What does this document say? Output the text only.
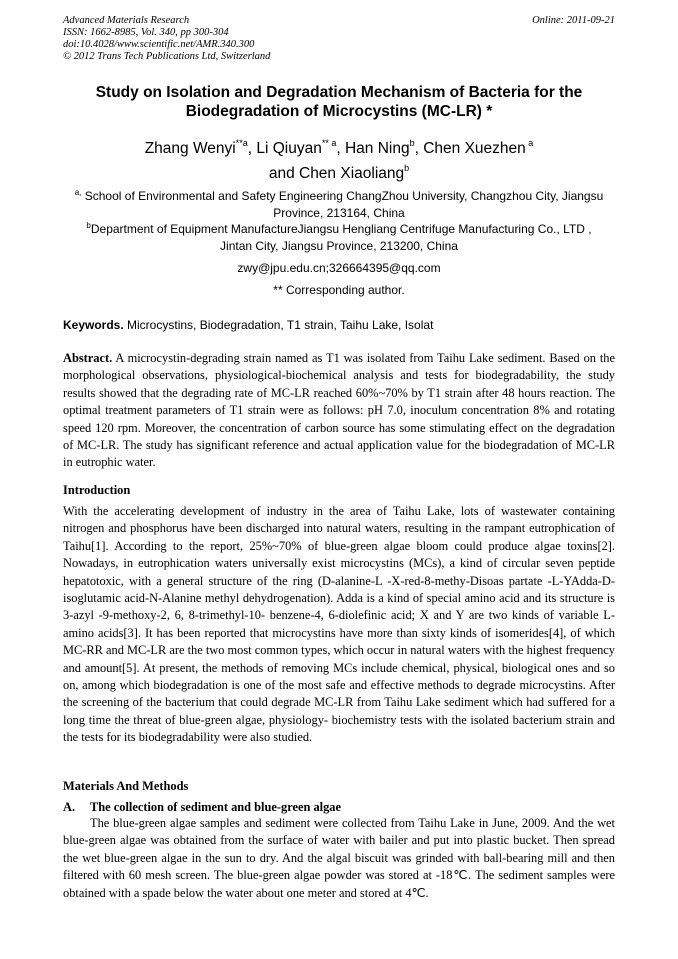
Advanced Materials Research
ISSN: 1662-8985, Vol. 340, pp 300-304
doi:10.4028/www.scientific.net/AMR.340.300
© 2012 Trans Tech Publications Ltd, Switzerland
Online: 2011-09-21
Study on Isolation and Degradation Mechanism of Bacteria for the
Biodegradation of Microcystins (MC-LR) *
Zhang Wenyi$^{**a}$, Li Qiuyan$^{** a}$, Han Ning$^b$, Chen Xuezhen $^a$
and Chen Xiaoliang$^b$
$^{a,}$ School of Environmental and Safety Engineering ChangZhou University, Changzhou City, Jiangsu
Province, 213164, China
$^b$Department of Equipment ManufactureJiangsu Hengliang Centrifuge Manufacturing Co., LTD ,
Jintan City, Jiangsu Province, 213200, China
zwy@jpu.edu.cn;326664395@qq.com
** Corresponding author.
Keywords. Microcystins, Biodegradation, T1 strain, Taihu Lake, Isolat
Abstract. A microcystin-degrading strain named as T1 was isolated from Taihu Lake sediment. Based on the morphological observations, physiological-biochemical analysis and tests for biodegradability, the study results showed that the degrading rate of MC-LR reached 60%~70% by T1 strain after 48 hours reaction. The optimal treatment parameters of T1 strain were as follows: pH 7.0, inoculum concentration 8% and rotating speed 120 rpm. Moreover, the concentration of carbon source has some stimulating effect on the degradation of MC-LR. The study has significant reference and actual application value for the biodegradation of MC-LR in eutrophic water.
Introduction

With the accelerating development of industry in the area of Taihu Lake, lots of wastewater containing nitrogen and phosphorus have been discharged into natural waters, resulting in the rampant eutrophication of Taihu[1]. According to the report, 25%~70% of blue-green algae bloom could produce algae toxins[2]. Nowadays, in eutrophication waters universally exist microcystins (MCs), a kind of circular seven peptide hepatotoxic, with a general structure of the ring (D-alanine-L -X-red-8-methy-Disoas partate -L-YAdda-D-isoglutamic acid-N-Alanine methyl dehydrogenation). Adda is a kind of special amino acid and its structure is 3-azyl -9-methoxy-2, 6, 8-trimethyl-10- benzene-4, 6-diolefinic acid; X and Y are two kinds of variable L-amino acids[3]. It has been reported that microcystins have more than sixty kinds of isomerides[4], of which MC-RR and MC-LR are the two most common types, which occur in natural waters with the highest frequency and amount[5]. At present, the methods of removing MCs include chemical, physical, biological ones and so on, among which biodegradation is one of the most safe and effective methods to degrade microcystins. After the screening of the bacterium that could degrade MC-LR from Taihu Lake sediment which had suffered for a long time the threat of blue-green algae, physiology- biochemistry tests with the isolated bacterium strain and the tests for its biodegradability were also studied.

Materials And Methods
A. The collection of sediment and blue-green algae

The blue-green algae samples and sediment were collected from Taihu Lake in June, 2009. And the wet blue-green algae was obtained from the surface of water with bailer and put into plastic bucket. Then spread the wet blue-green algae in the sun to dry. And the algal biscuit was grinded with ball-bearing mill and then filtered with 60 mesh screen. The blue-green algae powder was stored at -18℃. The sediment samples were obtained with a spade below the water about one meter and stored at 4℃.
